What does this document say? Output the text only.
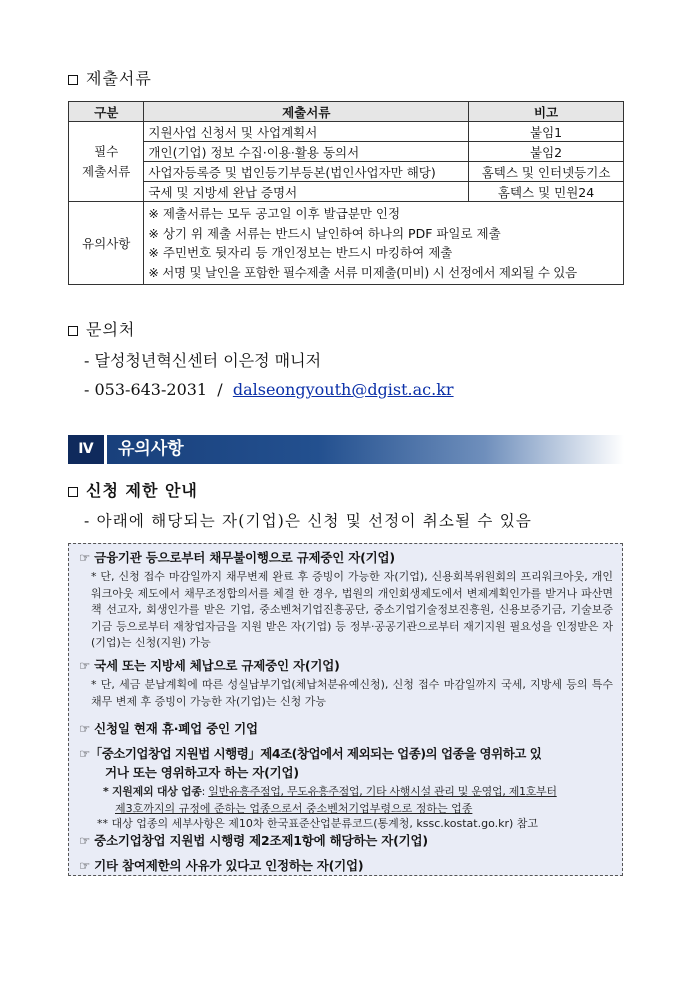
제출서류
구분	제출서류	비고
필수
제출서류	지원사업 신청서 및 사업계획서	붙임1
	개인(기업) 정보 수집·이용·활용 동의서	붙임2
	사업자등록증 및 법인등기부등본(법인사업자만 해당)	홈텍스 및 인터넷등기소
	국세 및 지방세 완납 증명서	홈텍스 및 민원24
유의사항	※ 제출서류는 모두 공고일 이후 발급분만 인정
※ 상기 위 제출 서류는 반드시 날인하여 하나의 PDF 파일로 제출
※ 주민번호 뒷자리 등 개인정보는 반드시 마킹하여 제출
※ 서명 및 날인을 포함한 필수제출 서류 미제출(미비) 시 선정에서 제외될 수 있음	
문의처
- 달성청년혁신센터 이은정 매니저
- 053-643-2031  /  dalseongyouth@dgist.ac.kr
Ⅳ	유의사항
신청 제한 안내
- 아래에 해당되는 자(기업)은 신청 및 선정이 취소될 수 있음
☞ 금융기관 등으로부터 채무불이행으로 규제중인 자(기업)
* 단, 신청 접수 마감일까지 채무변제 완료 후 증빙이 가능한 자(기업), 신용회복위원회의 프리워크아웃, 개인워크아웃 제도에서 채무조정합의서를 체결 한 경우, 법원의 개인회생제도에서 변제계획인가를 받거나 파산면책 선고자, 회생인가를 받은 기업, 중소벤처기업진흥공단, 중소기업기술정보진흥원, 신용보증기금, 기술보증기금 등으로부터 재창업자금을 지원 받은 자(기업) 등 정부·공공기관으로부터 재기지원 필요성을 인정받은 자(기업)는 신청(지원) 가능
☞ 국세 또는 지방세 체납으로 규제중인 자(기업)
* 단, 세금 분납계획에 따른 성실납부기업(체납처분유예신청), 신청 접수 마감일까지 국세, 지방세 등의 특수채무 변제 후 증빙이 가능한 자(기업)는 신청 가능
☞ 신청일 현재 휴·폐업 중인 기업
☞「중소기업창업 지원법 시행령」제4조(창업에서 제외되는 업종)의 업종을 영위하고 있
거나 또는 영위하고자 하는 자(기업)
* 지원제외 대상 업종: 일반유흥주점업, 무도유흥주점업, 기타 사행시설 관리 및 운영업, 제1호부터
제3호까지의 규정에 준하는 업종으로서 중소벤처기업부령으로 정하는 업종
** 대상 업종의 세부사항은 제10차 한국표준산업분류코드(통계청, kssc.kostat.go.kr) 참고
☞ 중소기업창업 지원법 시행령 제2조제1항에 해당하는 자(기업)
☞ 기타 참여제한의 사유가 있다고 인정하는 자(기업)
